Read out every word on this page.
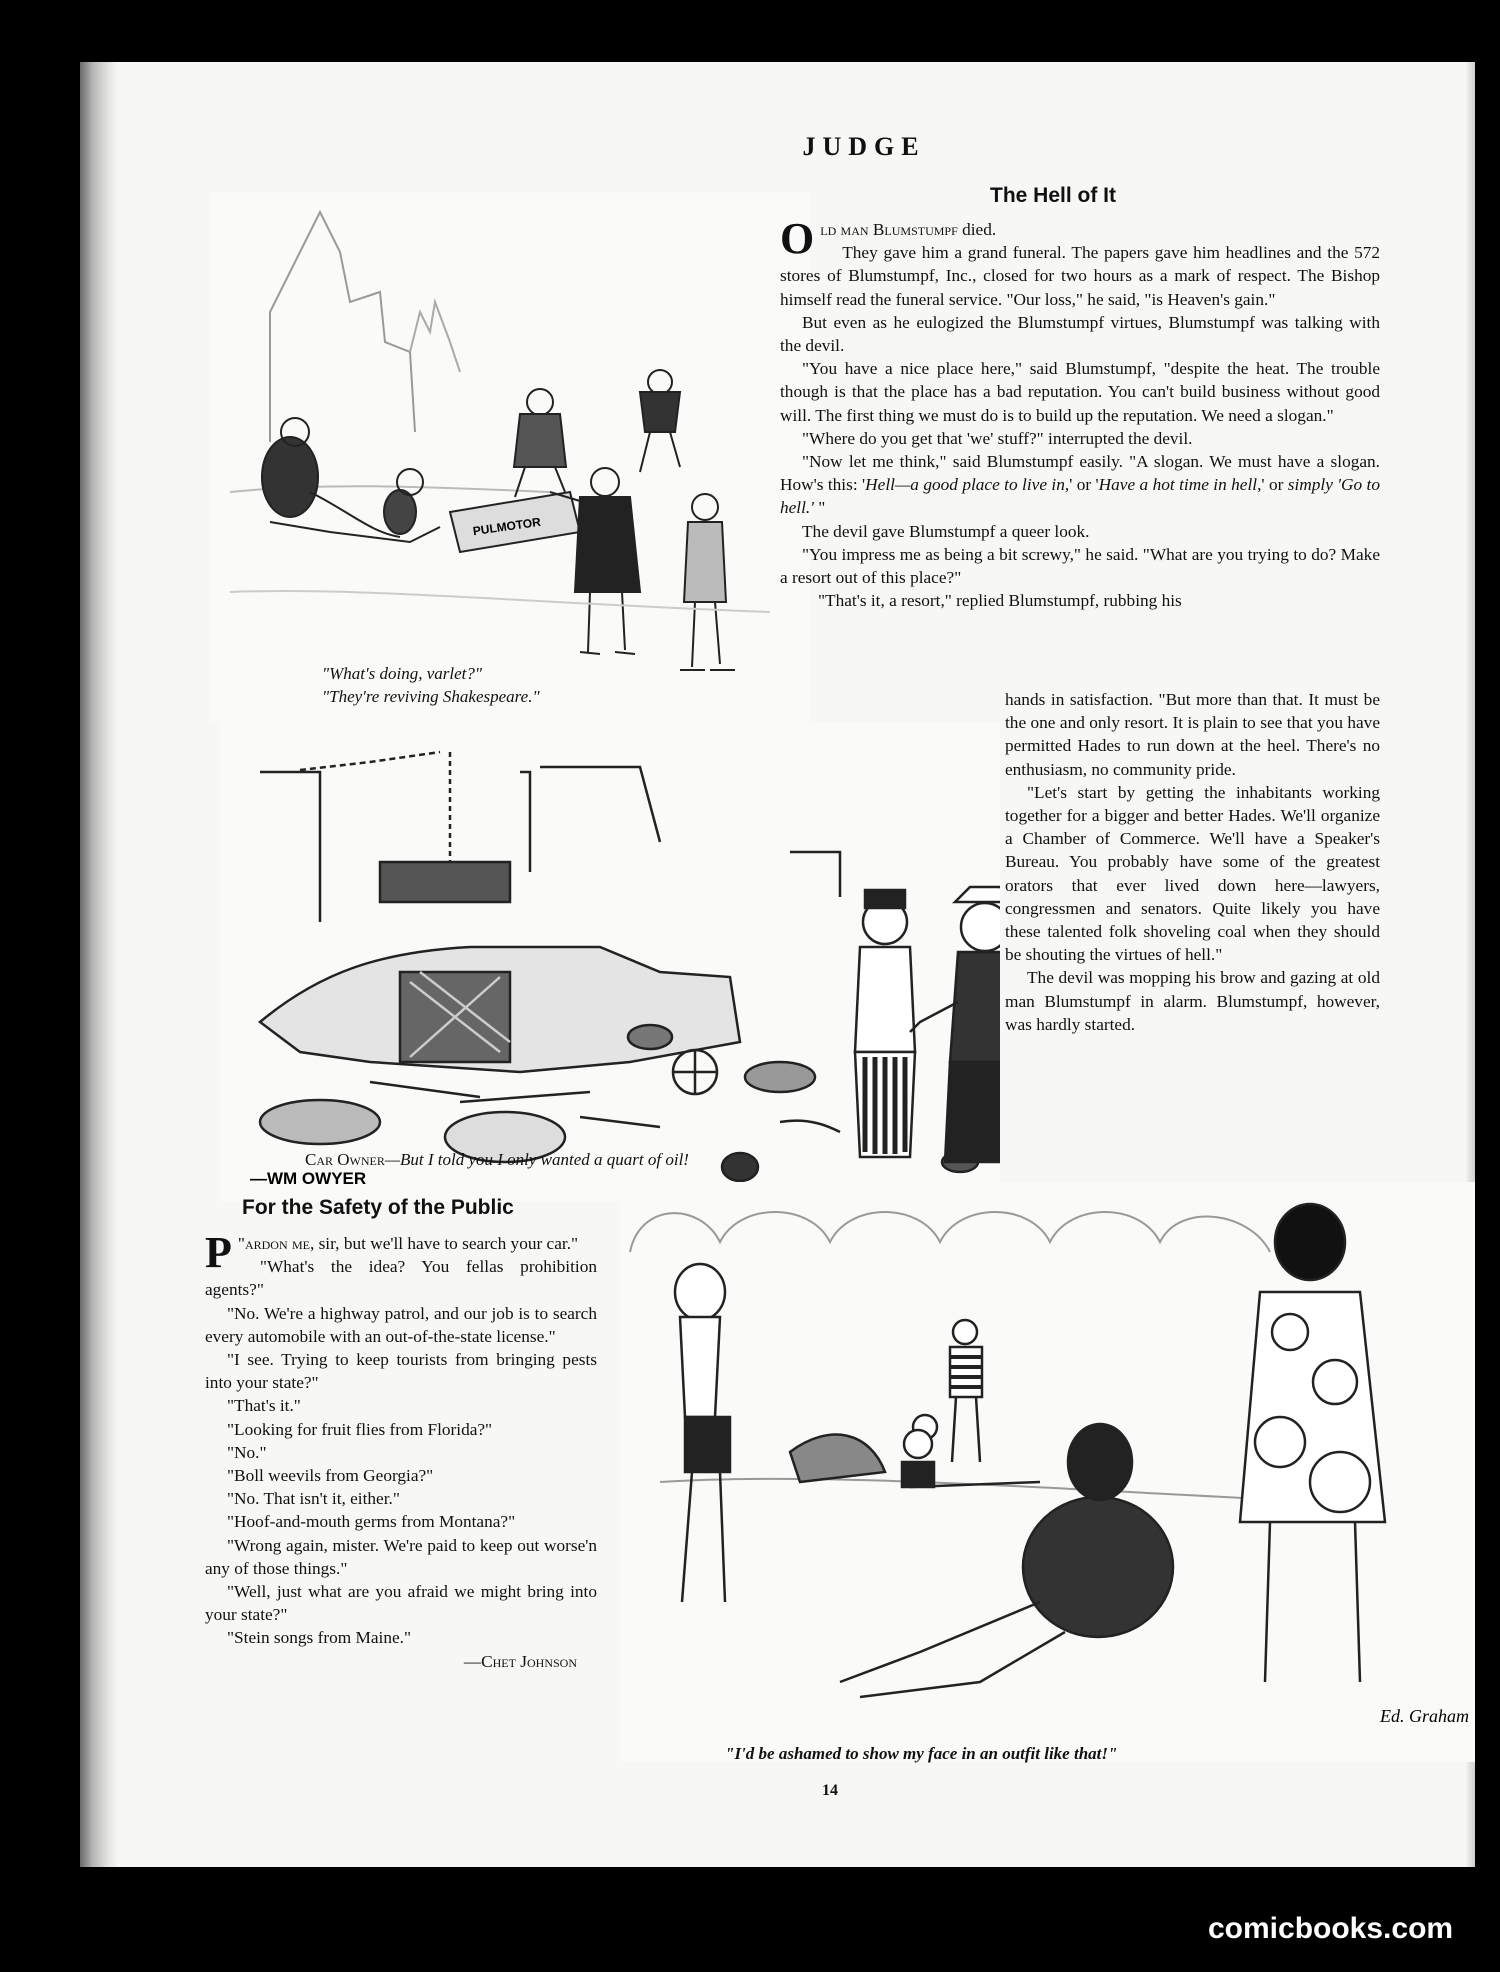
JUDGE
PULMOTOR
"What's doing, varlet?"
"They're reviving Shakespeare."
The Hell of It

Old man Blumstumpf died.

They gave him a grand funeral. The papers gave him headlines and the 572 stores of Blumstumpf, Inc., closed for two hours as a mark of respect. The Bishop himself read the funeral service. "Our loss," he said, "is Heaven's gain."

But even as he eulogized the Blumstumpf virtues, Blumstumpf was talking with the devil.

"You have a nice place here," said Blumstumpf, "despite the heat. The trouble though is that the place has a bad reputation. You can't build business without good will. The first thing we must do is to build up the reputation. We need a slogan."

"Where do you get that 'we' stuff?" interrupted the devil.

"Now let me think," said Blumstumpf easily. "A slogan. We must have a slogan. How's this: 'Hell—a good place to live in,' or 'Have a hot time in hell,' or simply 'Go to hell.' "

The devil gave Blumstumpf a queer look.

"You impress me as being a bit screwy," he said. "What are you trying to do? Make a resort out of this place?"

"That's it, a resort," replied Blumstumpf, rubbing his

hands in satisfaction. "But more than that. It must be the one and only resort. It is plain to see that you have permitted Hades to run down at the heel. There's no enthusiasm, no community pride.

"Let's start by getting the inhabitants working together for a bigger and better Hades. We'll organize a Chamber of Commerce. We'll have a Speaker's Bureau. You probably have some of the greatest orators that ever lived down here—lawyers, congressmen and senators. Quite likely you have these talented folk shoveling coal when they should be shouting the virtues of hell."

The devil was mopping his brow and gazing at old man Blumstumpf in alarm. Blumstumpf, however, was hardly started.

—WM OWYER
Car Owner—But I told you I only wanted a quart of oil!
For the Safety of the Public

"
P ardon me, sir, but we'll have to search your car."

"What's the idea? You fellas prohibition agents?"

"No. We're a highway patrol, and our job is to search every automobile with an out-of-the-state license."

"I see. Trying to keep tourists from bringing pests into your state?"

"That's it."

"Looking for fruit flies from Florida?"

"No."

"Boll weevils from Georgia?"

"No. That isn't it, either."

"Hoof-and-mouth germs from Montana?"

"Wrong again, mister. We're paid to keep out worse'n any of those things."

"Well, just what are you afraid we might bring into your state?"

"Stein songs from Maine."

—Chet Johnson
Ed. Graham
"I'd be ashamed to show my face in an outfit like that!"
14
comicbooks.com
